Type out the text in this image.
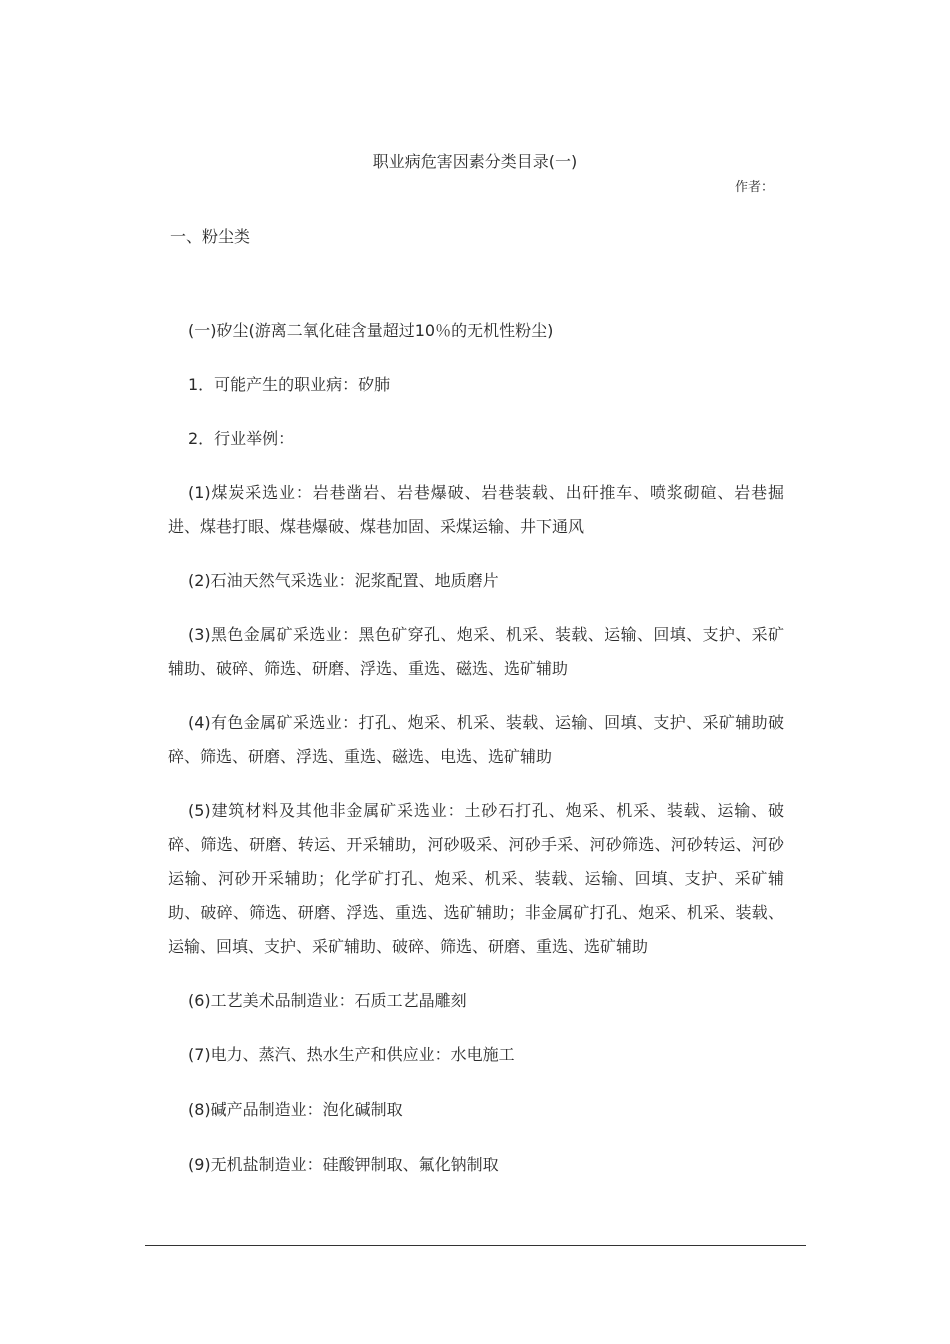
职业病危害因素分类目录(一)
作者：
一、粉尘类

(一)矽尘(游离二氧化硅含量超过10％的无机性粉尘)

1．可能产生的职业病：矽肺

2．行业举例：

(1)煤炭采选业：岩巷凿岩、岩巷爆破、岩巷装载、出矸推车、喷浆砌碹、岩巷掘进、煤巷打眼、煤巷爆破、煤巷加固、采煤运输、井下通风

(2)石油天然气采选业：泥浆配置、地质磨片

(3)黑色金属矿采选业：黑色矿穿孔、炮采、机采、装载、运输、回填、支护、采矿辅助、破碎、筛选、研磨、浮选、重选、磁选、选矿辅助

(4)有色金属矿采选业：打孔、炮采、机采、装载、运输、回填、支护、采矿辅助破碎、筛选、研磨、浮选、重选、磁选、电选、选矿辅助

(5)建筑材料及其他非金属矿采选业：土砂石打孔、炮采、机采、装载、运输、破碎、筛选、研磨、转运、开采辅助，河砂吸采、河砂手采、河砂筛选、河砂转运、河砂运输、河砂开采辅助；化学矿打孔、炮采、机采、装载、运输、回填、支护、采矿辅助、破碎、筛选、研磨、浮选、重选、选矿辅助；非金属矿打孔、炮采、机采、装载、运输、回填、支护、采矿辅助、破碎、筛选、研磨、重选、选矿辅助

(6)工艺美术品制造业：石质工艺晶雕刻

(7)电力、蒸汽、热水生产和供应业：水电施工

(8)碱产品制造业：泡化碱制取

(9)无机盐制造业：硅酸钾制取、氟化钠制取
